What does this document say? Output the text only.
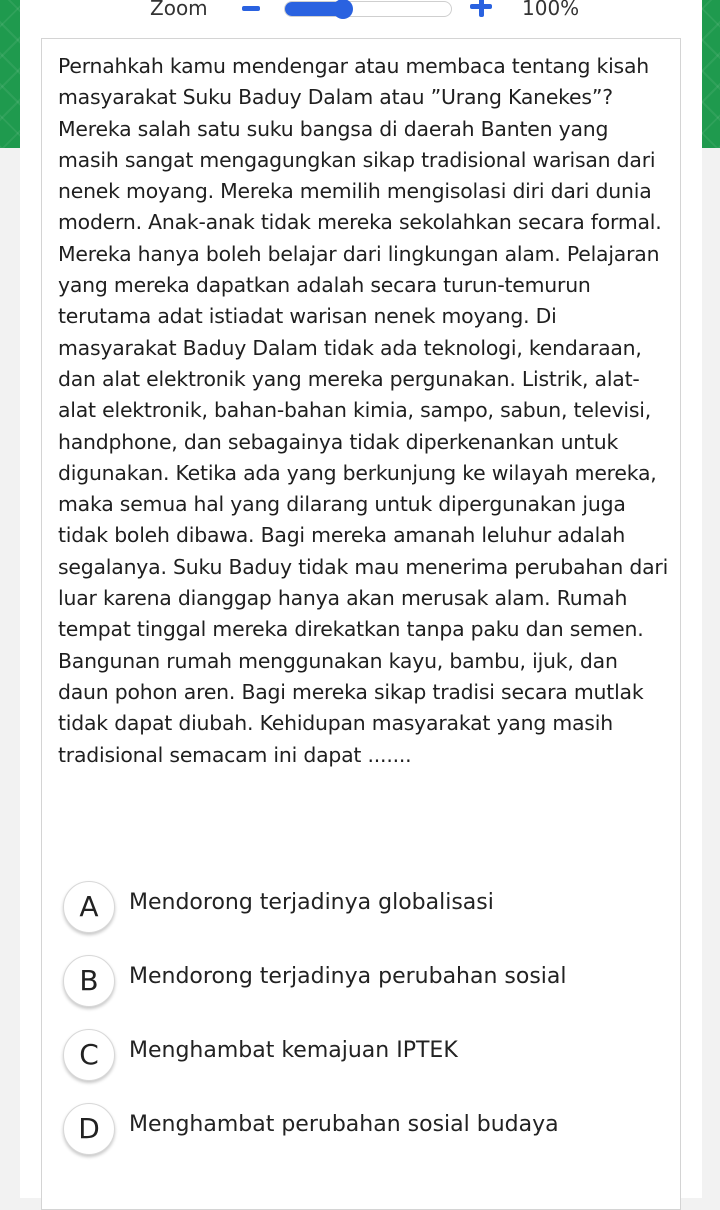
Zoom	100%
Pernahkah kamu mendengar atau membaca tentang kisah masyarakat Suku Baduy Dalam atau ”Urang Kanekes”? Mereka salah satu suku bangsa di daerah Banten yang masih sangat mengagungkan sikap tradisional warisan dari nenek moyang. Mereka memilih mengisolasi diri dari dunia modern. Anak-anak tidak mereka sekolahkan secara formal. Mereka hanya boleh belajar dari lingkungan alam. Pelajaran yang mereka dapatkan adalah secara turun-temurun terutama adat istiadat warisan nenek moyang. Di masyarakat Baduy Dalam tidak ada teknologi, kendaraan, dan alat elektronik yang mereka pergunakan. Listrik, alat-alat elektronik, bahan-bahan kimia, sampo, sabun, televisi, handphone, dan sebagainya tidak diperkenankan untuk digunakan. Ketika ada yang berkunjung ke wilayah mereka, maka semua hal yang dilarang untuk dipergunakan juga tidak boleh dibawa. Bagi mereka amanah leluhur adalah segalanya. Suku Baduy tidak mau menerima perubahan dari luar karena dianggap hanya akan merusak alam. Rumah tempat tinggal mereka direkatkan tanpa paku dan semen. Bangunan rumah menggunakan kayu, bambu, ijuk, dan daun pohon aren. Bagi mereka sikap tradisi secara mutlak tidak dapat diubah. Kehidupan masyarakat yang masih tradisional semacam ini dapat .......
A	Mendorong terjadinya globalisasi
B	Mendorong terjadinya perubahan sosial
C	Menghambat kemajuan IPTEK
D	Menghambat perubahan sosial budaya
